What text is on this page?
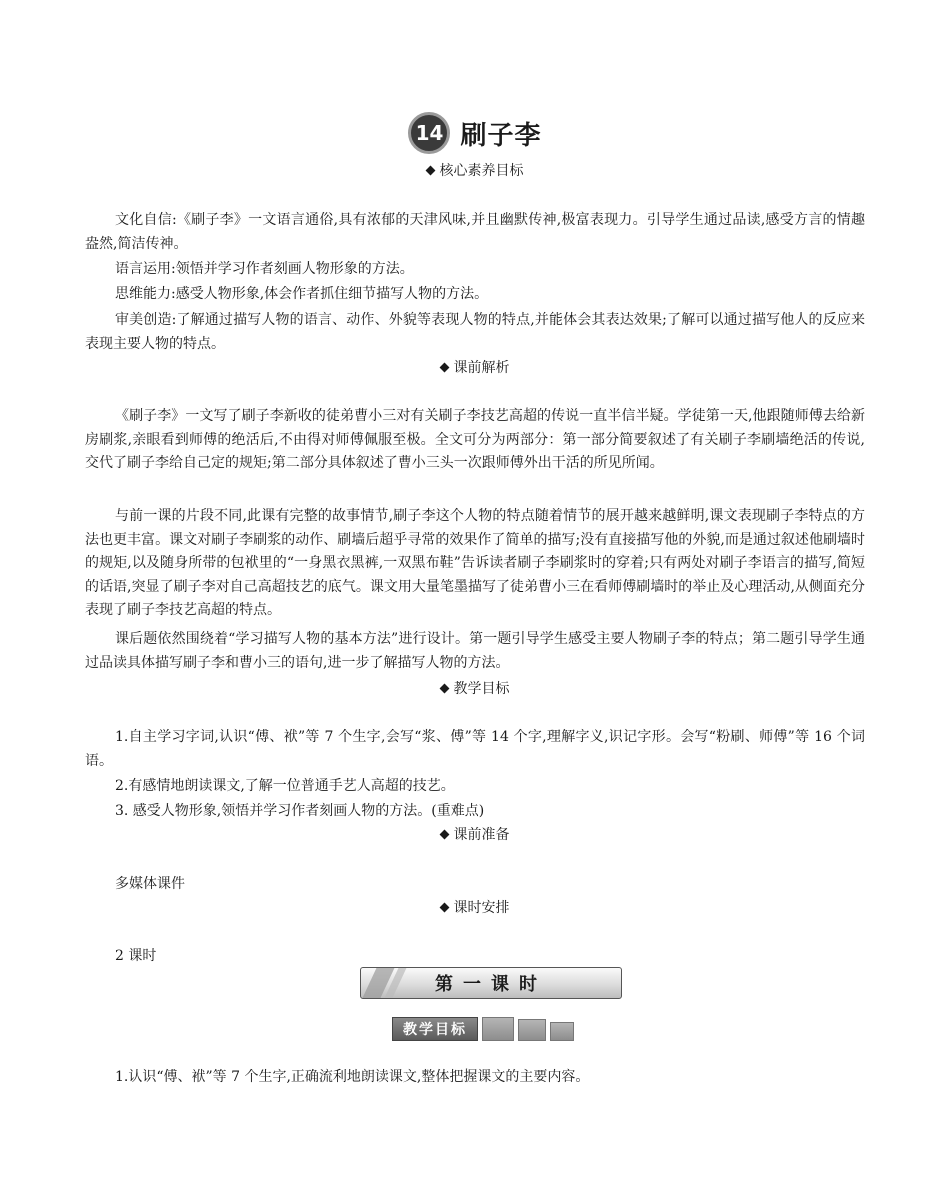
14 刷子李
核心素养目标

文化自信:《刷子李》一文语言通俗,具有浓郁的天津风味,并且幽默传神,极富表现力。引导学生通过品读,感受方言的情趣盎然,简洁传神。

语言运用:领悟并学习作者刻画人物形象的方法。

思维能力:感受人物形象,体会作者抓住细节描写人物的方法。

审美创造:了解通过描写人物的语言、动作、外貌等表现人物的特点,并能体会其表达效果;了解可以通过描写他人的反应来表现主要人物的特点。

课前解析

《刷子李》一文写了刷子李新收的徒弟曹小三对有关刷子李技艺高超的传说一直半信半疑。学徒第一天,他跟随师傅去给新房刷浆,亲眼看到师傅的绝活后,不由得对师傅佩服至极。全文可分为两部分：第一部分简要叙述了有关刷子李刷墙绝活的传说,交代了刷子李给自己定的规矩;第二部分具体叙述了曹小三头一次跟师傅外出干活的所见所闻。

与前一课的片段不同,此课有完整的故事情节,刷子李这个人物的特点随着情节的展开越来越鲜明,课文表现刷子李特点的方法也更丰富。课文对刷子李刷浆的动作、刷墙后超乎寻常的效果作了简单的描写;没有直接描写他的外貌,而是通过叙述他刷墙时的规矩,以及随身所带的包袱里的“一身黑衣黑裤,一双黑布鞋”告诉读者刷子李刷浆时的穿着;只有两处对刷子李语言的描写,简短的话语,突显了刷子李对自己高超技艺的底气。课文用大量笔墨描写了徒弟曹小三在看师傅刷墙时的举止及心理活动,从侧面充分表现了刷子李技艺高超的特点。

课后题依然围绕着“学习描写人物的基本方法”进行设计。第一题引导学生感受主要人物刷子李的特点；第二题引导学生通过品读具体描写刷子李和曹小三的语句,进一步了解描写人物的方法。

教学目标

1.自主学习字词,认识“傅、袱”等 7 个生字,会写“浆、傅”等 14 个字,理解字义,识记字形。会写“粉刷、师傅”等 16 个词语。

2.有感情地朗读课文,了解一位普通手艺人高超的技艺。

3. 感受人物形象,领悟并学习作者刻画人物的方法。(重难点)

课前准备

多媒体课件

课时安排

2 课时

第一课时
教学目标

1.认识“傅、袱”等 7 个生字,正确流利地朗读课文,整体把握课文的主要内容。
